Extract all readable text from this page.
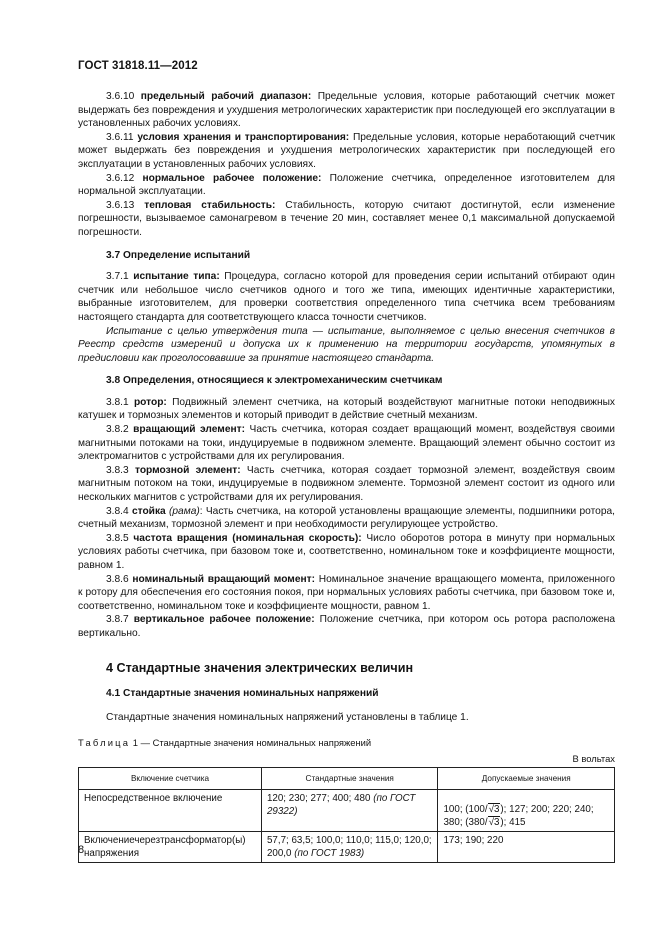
ГОСТ 31818.11—2012

3.6.10 предельный рабочий диапазон: Предельные условия, которые работающий счетчик может выдержать без повреждения и ухудшения метрологических характеристик при последующей его эксплуатации в установленных рабочих условиях.

3.6.11 условия хранения и транспортирования: Предельные условия, которые неработающий счетчик может выдержать без повреждения и ухудшения метрологических характеристик при последующей его эксплуатации в установленных рабочих условиях.

3.6.12 нормальное рабочее положение: Положение счетчика, определенное изготовителем для нормальной эксплуатации.

3.6.13 тепловая стабильность: Стабильность, которую считают достигнутой, если изменение погрешности, вызываемое самонагревом в течение 20 мин, составляет менее 0,1 максимальной допускаемой погрешности.

3.7 Определение испытаний

3.7.1 испытание типа: Процедура, согласно которой для проведения серии испытаний отбирают один счетчик или небольшое число счетчиков одного и того же типа, имеющих идентичные характеристики, выбранные изготовителем, для проверки соответствия определенного типа счетчика всем требованиям настоящего стандарта для соответствующего класса точности счетчиков.

Испытание с целью утверждения типа — испытание, выполняемое с целью внесения счетчиков в Реестр средств измерений и допуска их к применению на территории государств, упомянутых в предисловии как проголосовавшие за принятие настоящего стандарта.

3.8 Определения, относящиеся к электромеханическим счетчикам

3.8.1 ротор: Подвижный элемент счетчика, на который воздействуют магнитные потоки неподвижных катушек и тормозных элементов и который приводит в действие счетный механизм.

3.8.2 вращающий элемент: Часть счетчика, которая создает вращающий момент, воздействуя своими магнитными потоками на токи, индуцируемые в подвижном элементе. Вращающий элемент обычно состоит из электромагнитов с устройствами для их регулирования.

3.8.3 тормозной элемент: Часть счетчика, которая создает тормозной элемент, воздействуя своим магнитным потоком на токи, индуцируемые в подвижном элементе. Тормозной элемент состоит из одного или нескольких магнитов с устройствами для их регулирования.

3.8.4 стойка (рама): Часть счетчика, на которой установлены вращающие элементы, подшипники ротора, счетный механизм, тормозной элемент и при необходимости регулирующее устройство.

3.8.5 частота вращения (номинальная скорость): Число оборотов ротора в минуту при нормальных условиях работы счетчика, при базовом токе и, соответственно, номинальном токе и коэффициенте мощности, равном 1.

3.8.6 номинальный вращающий момент: Номинальное значение вращающего момента, приложенного к ротору для обеспечения его состояния покоя, при нормальных условиях работы счетчика, при базовом токе и, соответственно, номинальном токе и коэффициенте мощности, равном 1.

3.8.7 вертикальное рабочее положение: Положение счетчика, при котором ось ротора расположена вертикально.

4 Стандартные значения электрических величин
4.1 Стандартные значения номинальных напряжений

Стандартные значения номинальных напряжений установлены в таблице 1.

Таблица 1 — Стандартные значения номинальных напряжений
В вольтах
Включение счетчика	Стандартные значения	Допускаемые значения
Непосредственное включение	120; 230; 277; 400; 480 (по ГОСТ 29322)	100; (100/√3); 127; 200; 220; 240; 380; (380/√3); 415
Включениечерезтрансформатор(ы) напряжения	57,7; 63,5; 100,0; 110,0; 115,0; 120,0; 200,0 (по ГОСТ 1983)	173; 190; 220
8
